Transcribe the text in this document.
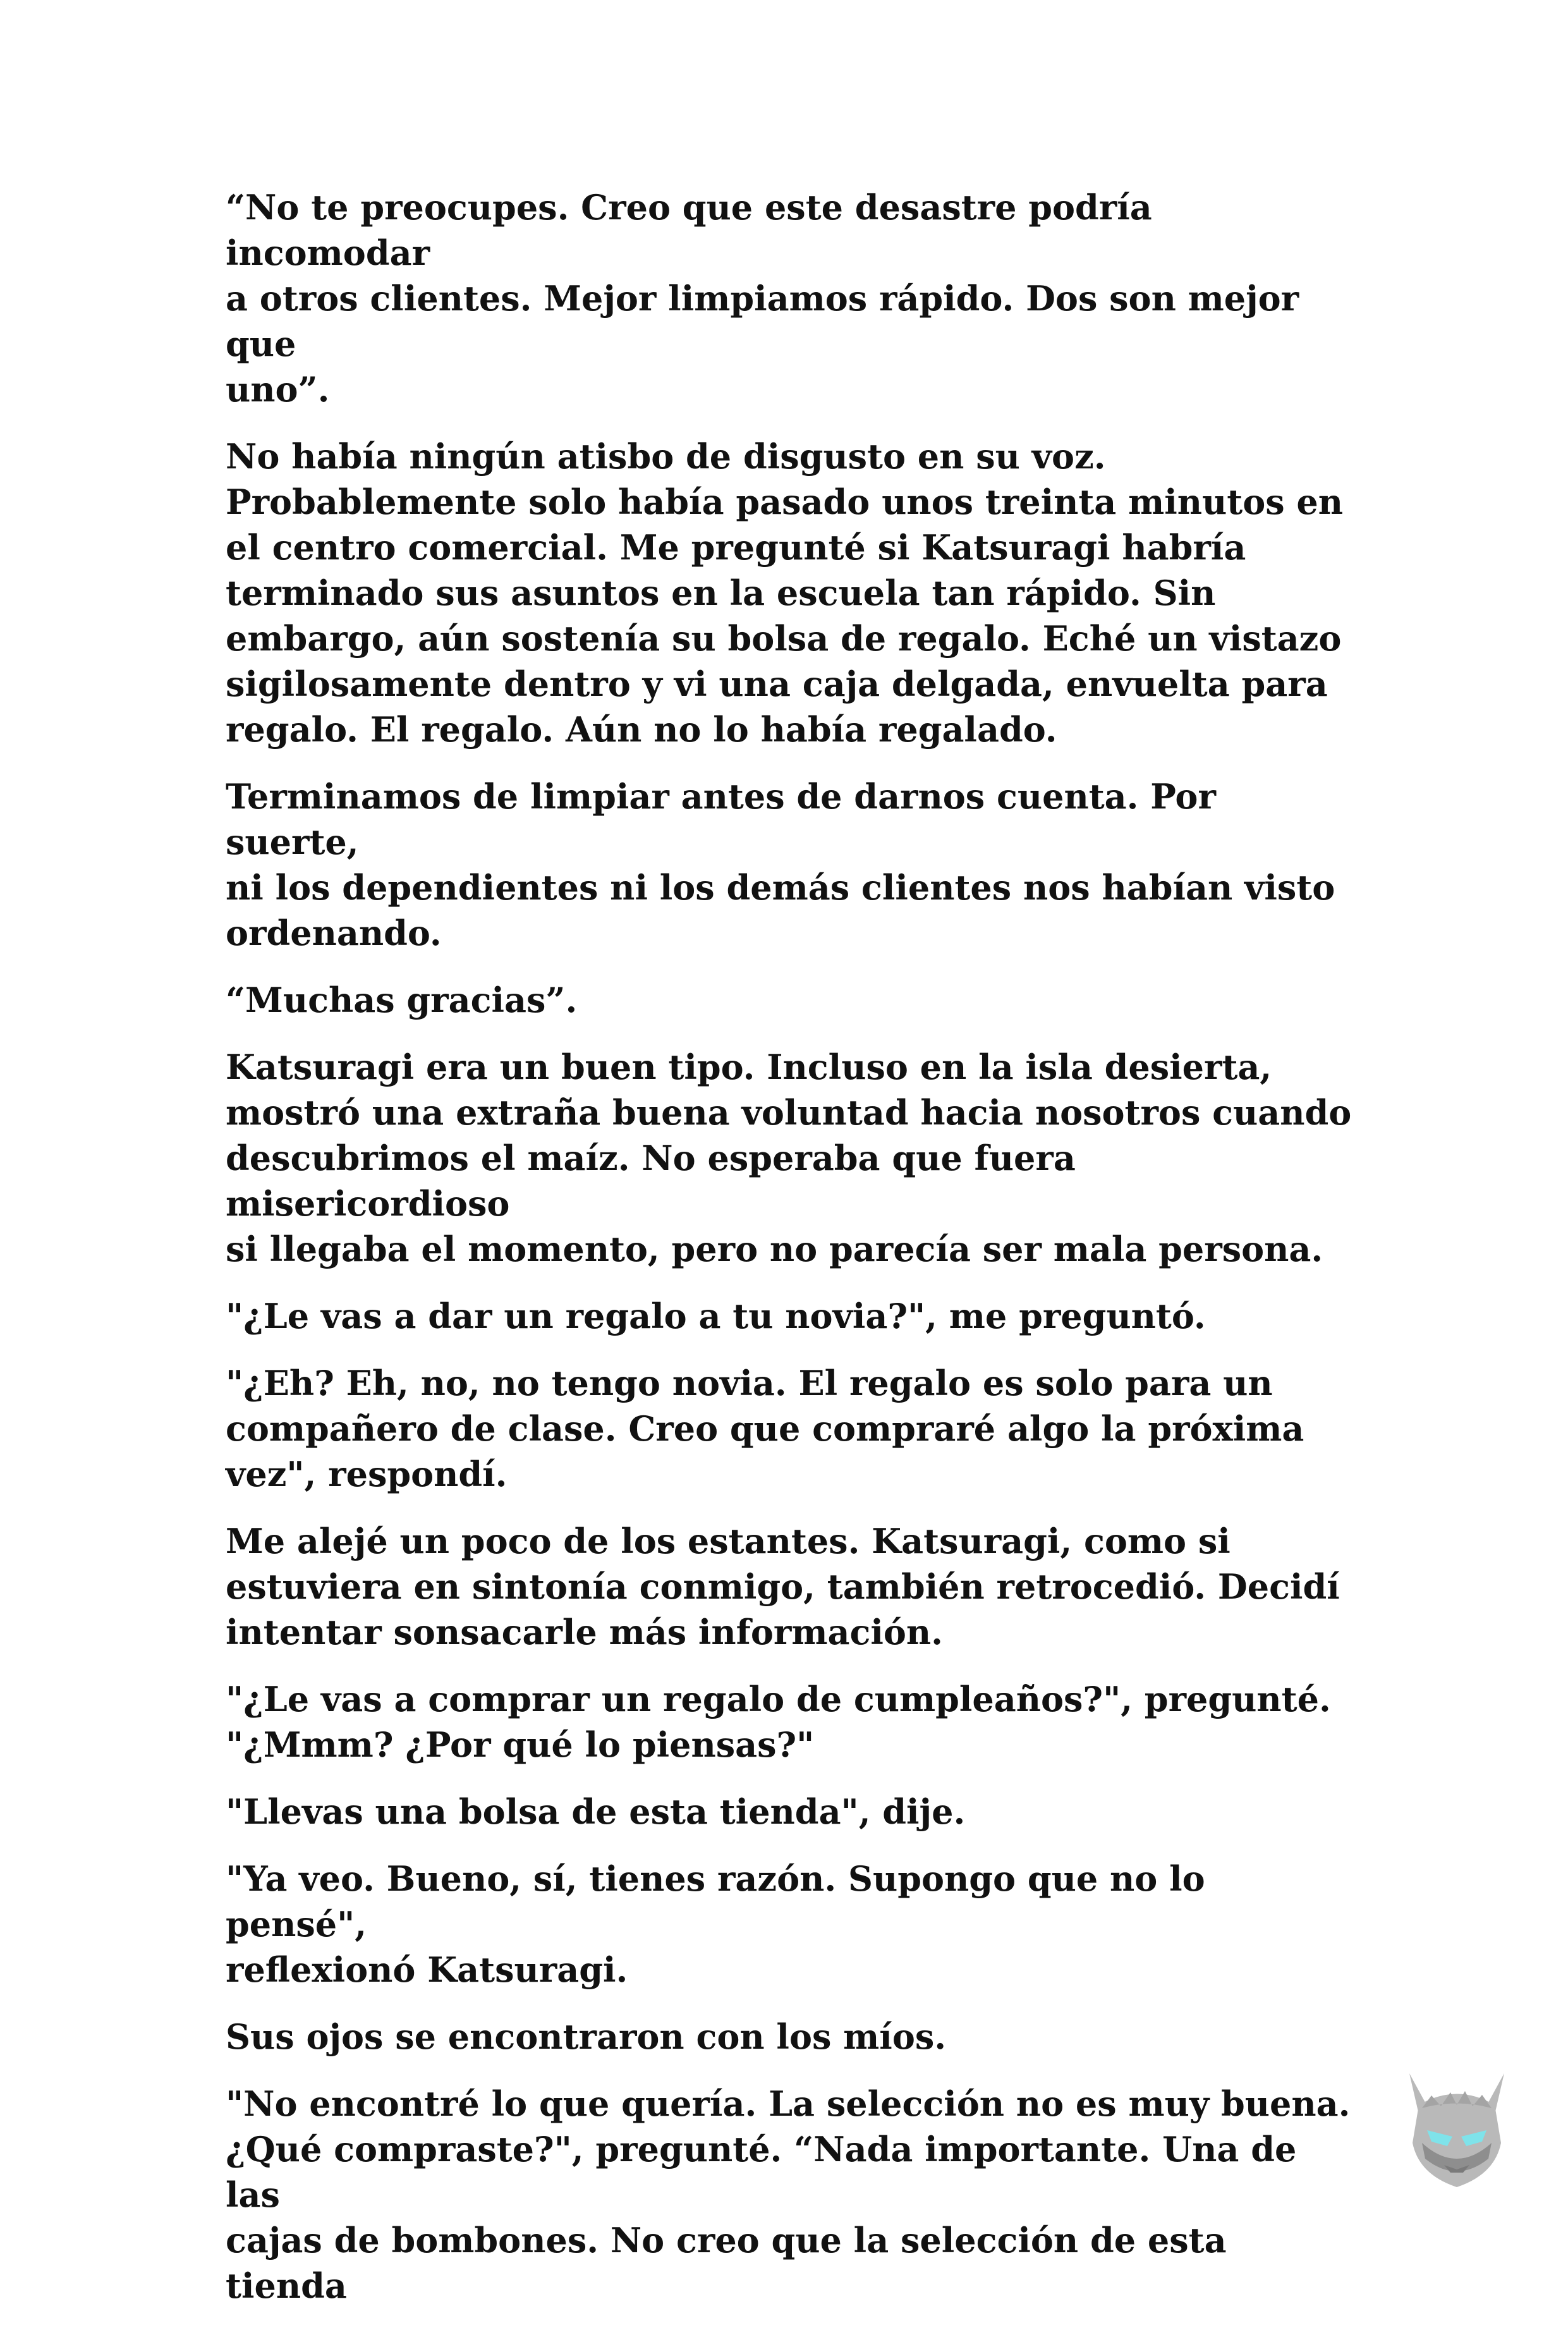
“No te preocupes. Creo que este desastre podría incomodar
a otros clientes. Mejor limpiamos rápido. Dos son mejor que
uno”.

No había ningún atisbo de disgusto en su voz.
Probablemente solo había pasado unos treinta minutos en
el centro comercial. Me pregunté si Katsuragi habría
terminado sus asuntos en la escuela tan rápido. Sin
embargo, aún sostenía su bolsa de regalo. Eché un vistazo
sigilosamente dentro y vi una caja delgada, envuelta para
regalo. El regalo. Aún no lo había regalado.

Terminamos de limpiar antes de darnos cuenta. Por suerte,
ni los dependientes ni los demás clientes nos habían visto
ordenando.

“Muchas gracias”.

Katsuragi era un buen tipo. Incluso en la isla desierta,
mostró una extraña buena voluntad hacia nosotros cuando
descubrimos el maíz. No esperaba que fuera misericordioso
si llegaba el momento, pero no parecía ser mala persona.

"¿Le vas a dar un regalo a tu novia?", me preguntó.

"¿Eh? Eh, no, no tengo novia. El regalo es solo para un
compañero de clase. Creo que compraré algo la próxima
vez", respondí.

Me alejé un poco de los estantes. Katsuragi, como si
estuviera en sintonía conmigo, también retrocedió. Decidí
intentar sonsacarle más información.

"¿Le vas a comprar un regalo de cumpleaños?", pregunté.
"¿Mmm? ¿Por qué lo piensas?"

"Llevas una bolsa de esta tienda", dije.

"Ya veo. Bueno, sí, tienes razón. Supongo que no lo pensé",
reflexionó Katsuragi.

Sus ojos se encontraron con los míos.

"No encontré lo que quería. La selección no es muy buena.
¿Qué compraste?", pregunté. “Nada importante. Una de las
cajas de bombones. No creo que la selección de esta tienda
